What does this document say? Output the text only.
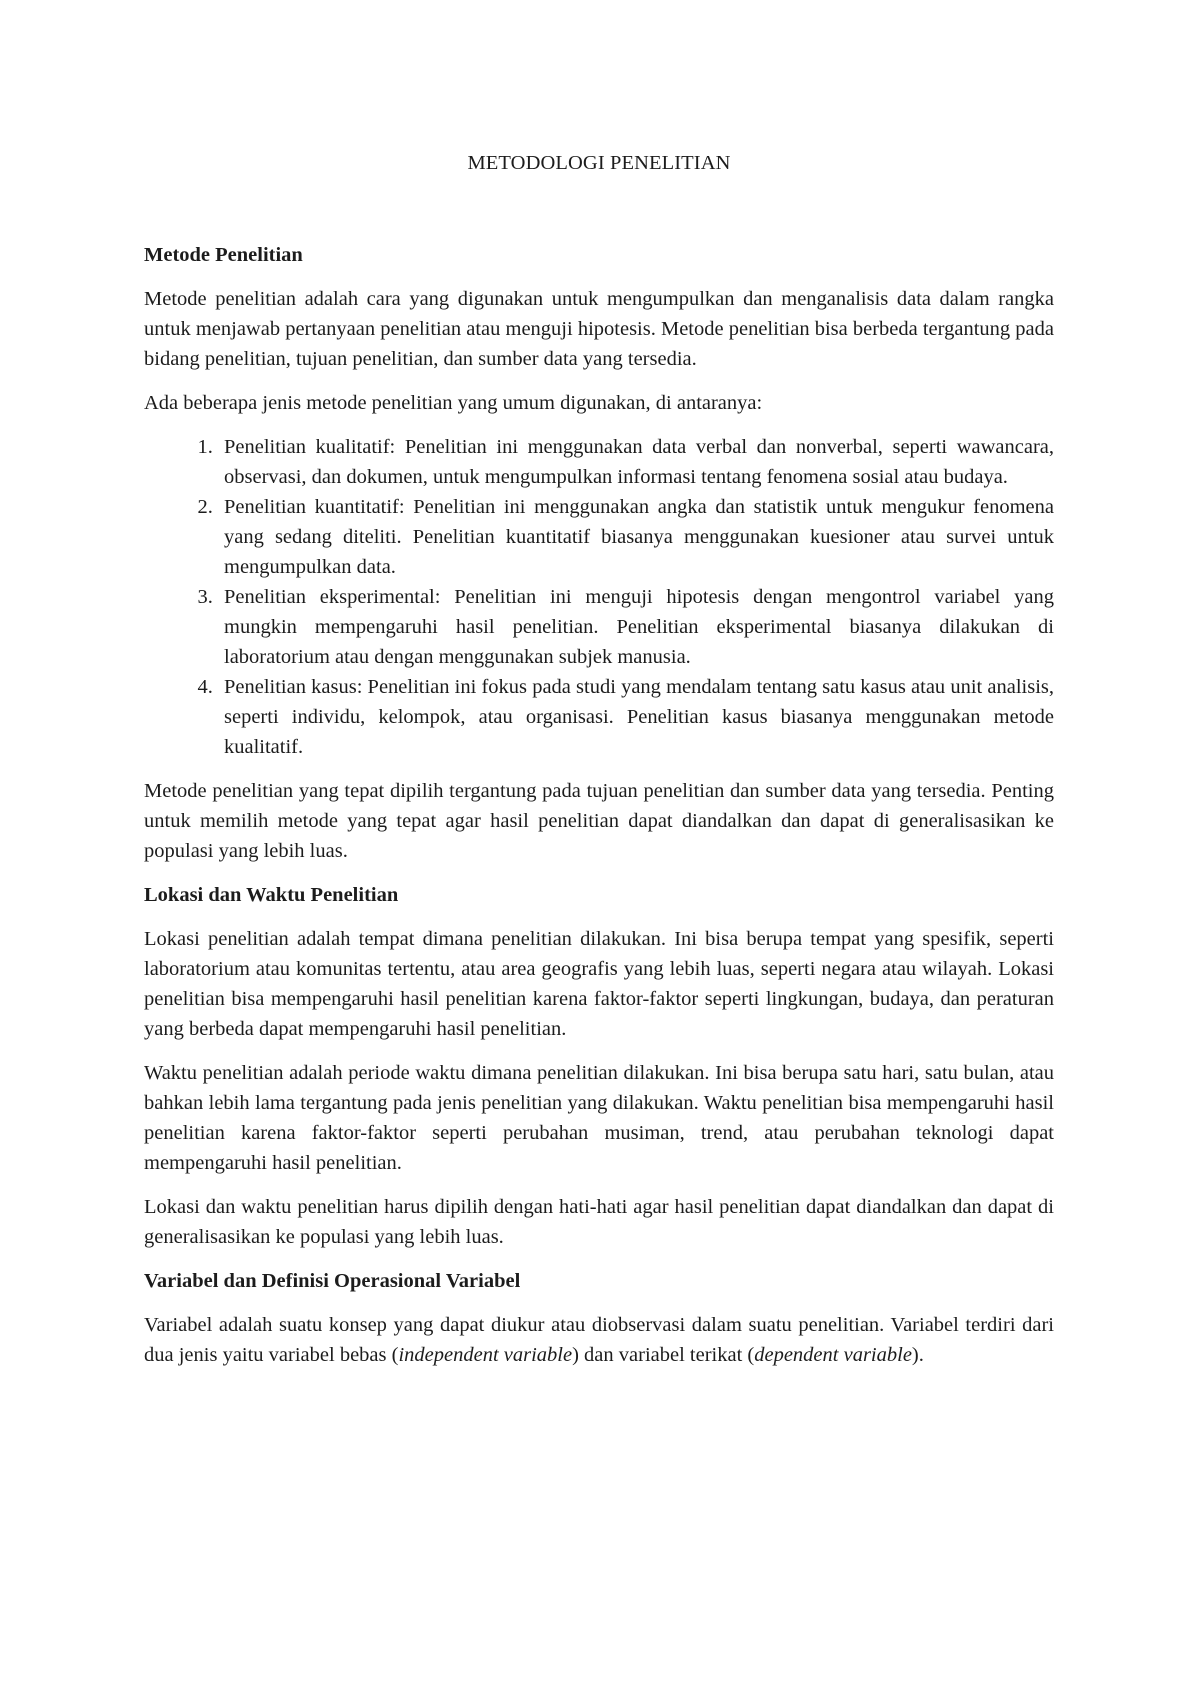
METODOLOGI PENELITIAN
Metode Penelitian

Metode penelitian adalah cara yang digunakan untuk mengumpulkan dan menganalisis data dalam rangka untuk menjawab pertanyaan penelitian atau menguji hipotesis. Metode penelitian bisa berbeda tergantung pada bidang penelitian, tujuan penelitian, dan sumber data yang tersedia.

Ada beberapa jenis metode penelitian yang umum digunakan, di antaranya:

1. Penelitian kualitatif: Penelitian ini menggunakan data verbal dan nonverbal, seperti wawancara, observasi, dan dokumen, untuk mengumpulkan informasi tentang fenomena sosial atau budaya.
2. Penelitian kuantitatif: Penelitian ini menggunakan angka dan statistik untuk mengukur fenomena yang sedang diteliti. Penelitian kuantitatif biasanya menggunakan kuesioner atau survei untuk mengumpulkan data.
3. Penelitian eksperimental: Penelitian ini menguji hipotesis dengan mengontrol variabel yang mungkin mempengaruhi hasil penelitian. Penelitian eksperimental biasanya dilakukan di laboratorium atau dengan menggunakan subjek manusia.
4. Penelitian kasus: Penelitian ini fokus pada studi yang mendalam tentang satu kasus atau unit analisis, seperti individu, kelompok, atau organisasi. Penelitian kasus biasanya menggunakan metode kualitatif.

Metode penelitian yang tepat dipilih tergantung pada tujuan penelitian dan sumber data yang tersedia. Penting untuk memilih metode yang tepat agar hasil penelitian dapat diandalkan dan dapat di generalisasikan ke populasi yang lebih luas.

Lokasi dan Waktu Penelitian

Lokasi penelitian adalah tempat dimana penelitian dilakukan. Ini bisa berupa tempat yang spesifik, seperti laboratorium atau komunitas tertentu, atau area geografis yang lebih luas, seperti negara atau wilayah. Lokasi penelitian bisa mempengaruhi hasil penelitian karena faktor-faktor seperti lingkungan, budaya, dan peraturan yang berbeda dapat mempengaruhi hasil penelitian.

Waktu penelitian adalah periode waktu dimana penelitian dilakukan. Ini bisa berupa satu hari, satu bulan, atau bahkan lebih lama tergantung pada jenis penelitian yang dilakukan. Waktu penelitian bisa mempengaruhi hasil penelitian karena faktor-faktor seperti perubahan musiman, trend, atau perubahan teknologi dapat mempengaruhi hasil penelitian.

Lokasi dan waktu penelitian harus dipilih dengan hati-hati agar hasil penelitian dapat diandalkan dan dapat di generalisasikan ke populasi yang lebih luas.

Variabel dan Definisi Operasional Variabel

Variabel adalah suatu konsep yang dapat diukur atau diobservasi dalam suatu penelitian. Variabel terdiri dari dua jenis yaitu variabel bebas (independent variable) dan variabel terikat (dependent variable).
